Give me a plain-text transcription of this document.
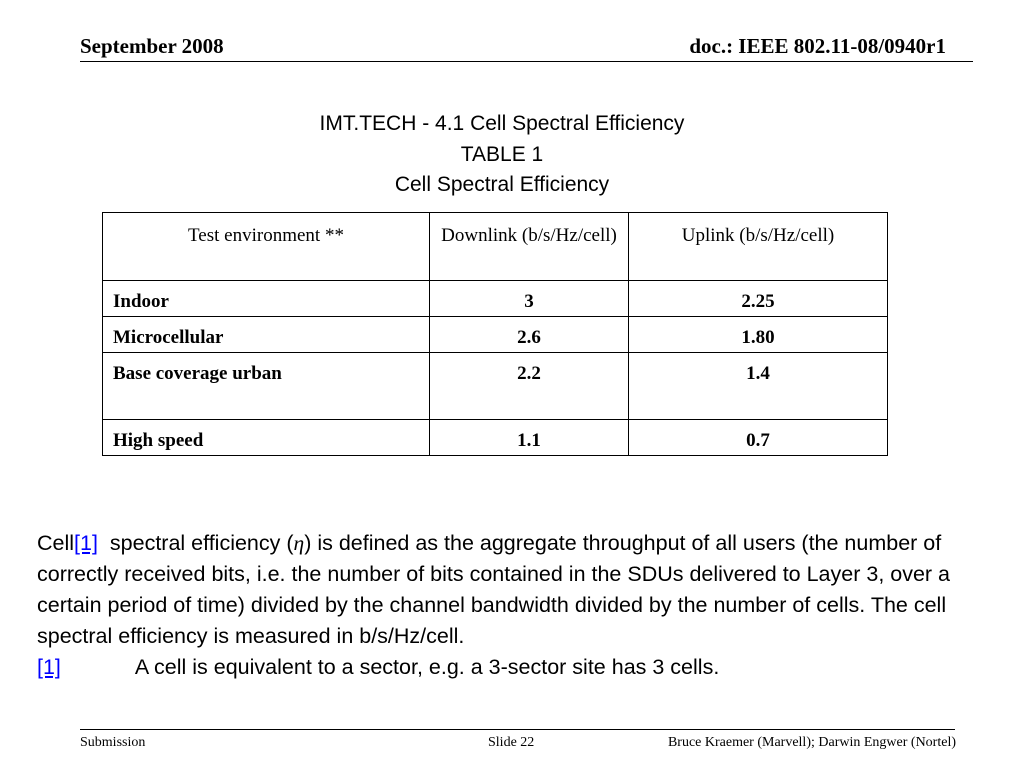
September 2008	doc.: IEEE 802.11-08/0940r1
IMT.TECH - 4.1 Cell Spectral Efficiency
TABLE 1
Cell Spectral Efficiency
Test environment **	Downlink (b/s/Hz/cell)	Uplink (b/s/Hz/cell)
Indoor	3	2.25
Microcellular	2.6	1.80
Base coverage urban	2.2	1.4
High speed	1.1	0.7
Cell[1]  spectral efficiency (η) is defined as the aggregate throughput of all users (the number of correctly received bits, i.e. the number of bits contained in the SDUs delivered to Layer 3, over a certain period of time) divided by the channel bandwidth divided by the number of cells. The cell spectral efficiency is measured in b/s/Hz/cell.
[1]	A cell is equivalent to a sector, e.g. a 3-sector site has 3 cells.
Submission	Slide 22	Bruce Kraemer (Marvell); Darwin Engwer (Nortel)
